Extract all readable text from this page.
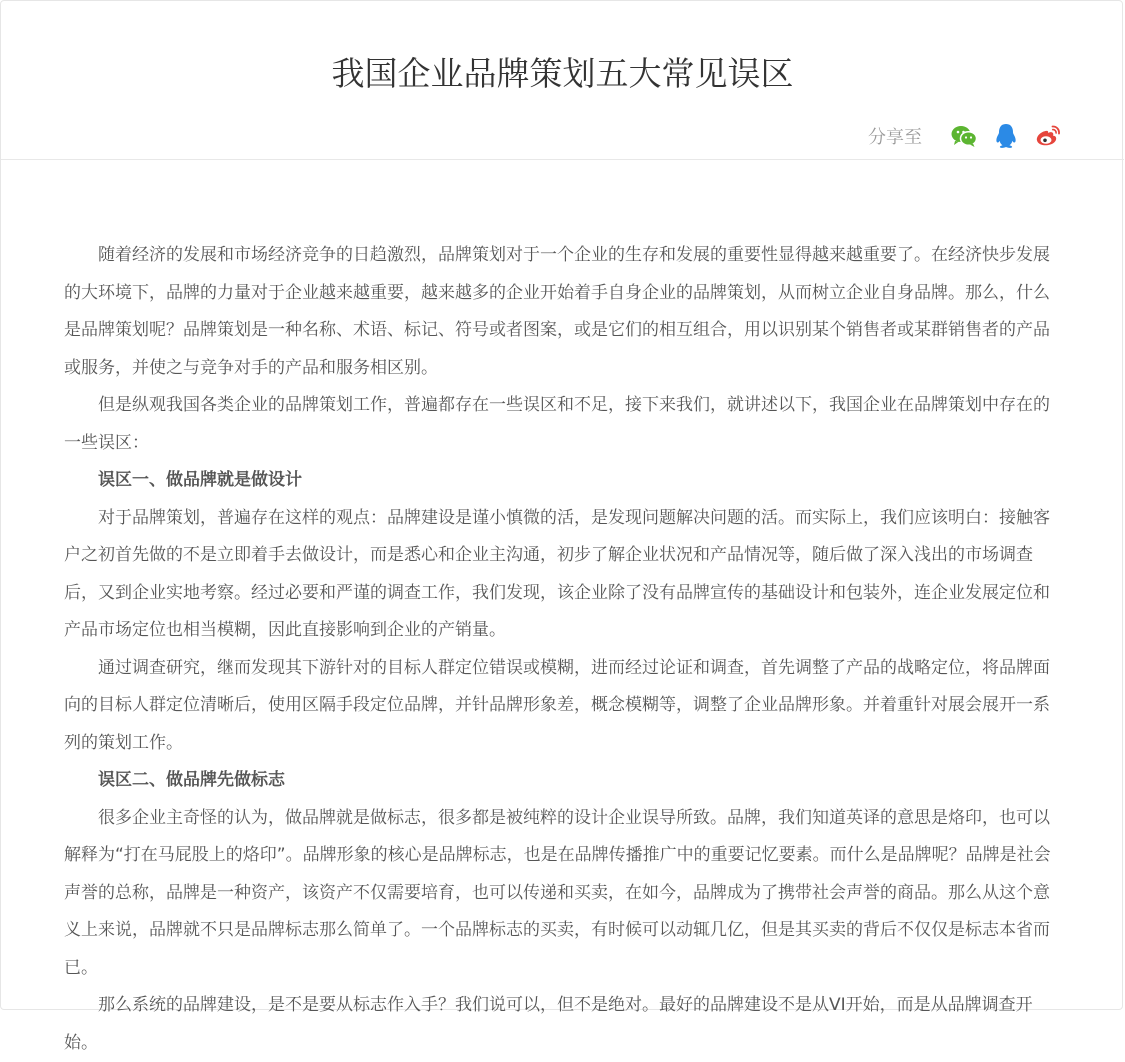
我国企业品牌策划五大常见误区
分享至

随着经济的发展和市场经济竞争的日趋激烈，品牌策划对于一个企业的生存和发展的重要性显得越来越重要了。在经济快步发展的大环境下，品牌的力量对于企业越来越重要，越来越多的企业开始着手自身企业的品牌策划，从而树立企业自身品牌。那么，什么是品牌策划呢？品牌策划是一种名称、术语、标记、符号或者图案，或是它们的相互组合，用以识别某个销售者或某群销售者的产品或服务，并使之与竞争对手的产品和服务相区别。

但是纵观我国各类企业的品牌策划工作，普遍都存在一些误区和不足，接下来我们，就讲述以下，我国企业在品牌策划中存在的一些误区：

误区一、做品牌就是做设计

对于品牌策划，普遍存在这样的观点：品牌建设是谨小慎微的活，是发现问题解决问题的活。而实际上，我们应该明白：接触客户之初首先做的不是立即着手去做设计，而是悉心和企业主沟通，初步了解企业状况和产品情况等，随后做了深入浅出的市场调查后，又到企业实地考察。经过必要和严谨的调查工作，我们发现，该企业除了没有品牌宣传的基础设计和包装外，连企业发展定位和产品市场定位也相当模糊，因此直接影响到企业的产销量。

通过调查研究，继而发现其下游针对的目标人群定位错误或模糊，进而经过论证和调查，首先调整了产品的战略定位，将品牌面向的目标人群定位清晰后，使用区隔手段定位品牌，并针品牌形象差，概念模糊等，调整了企业品牌形象。并着重针对展会展开一系列的策划工作。

误区二、做品牌先做标志

很多企业主奇怪的认为，做品牌就是做标志，很多都是被纯粹的设计企业误导所致。品牌，我们知道英译的意思是烙印，也可以解释为“打在马屁股上的烙印”。品牌形象的核心是品牌标志，也是在品牌传播推广中的重要记忆要素。而什么是品牌呢？品牌是社会声誉的总称，品牌是一种资产，该资产不仅需要培育，也可以传递和买卖，在如今，品牌成为了携带社会声誉的商品。那么从这个意义上来说，品牌就不只是品牌标志那么简单了。一个品牌标志的买卖，有时候可以动辄几亿，但是其买卖的背后不仅仅是标志本省而已。

那么系统的品牌建设，是不是要从标志作入手？我们说可以，但不是绝对。最好的品牌建设不是从VI开始，而是从品牌调查开始。
